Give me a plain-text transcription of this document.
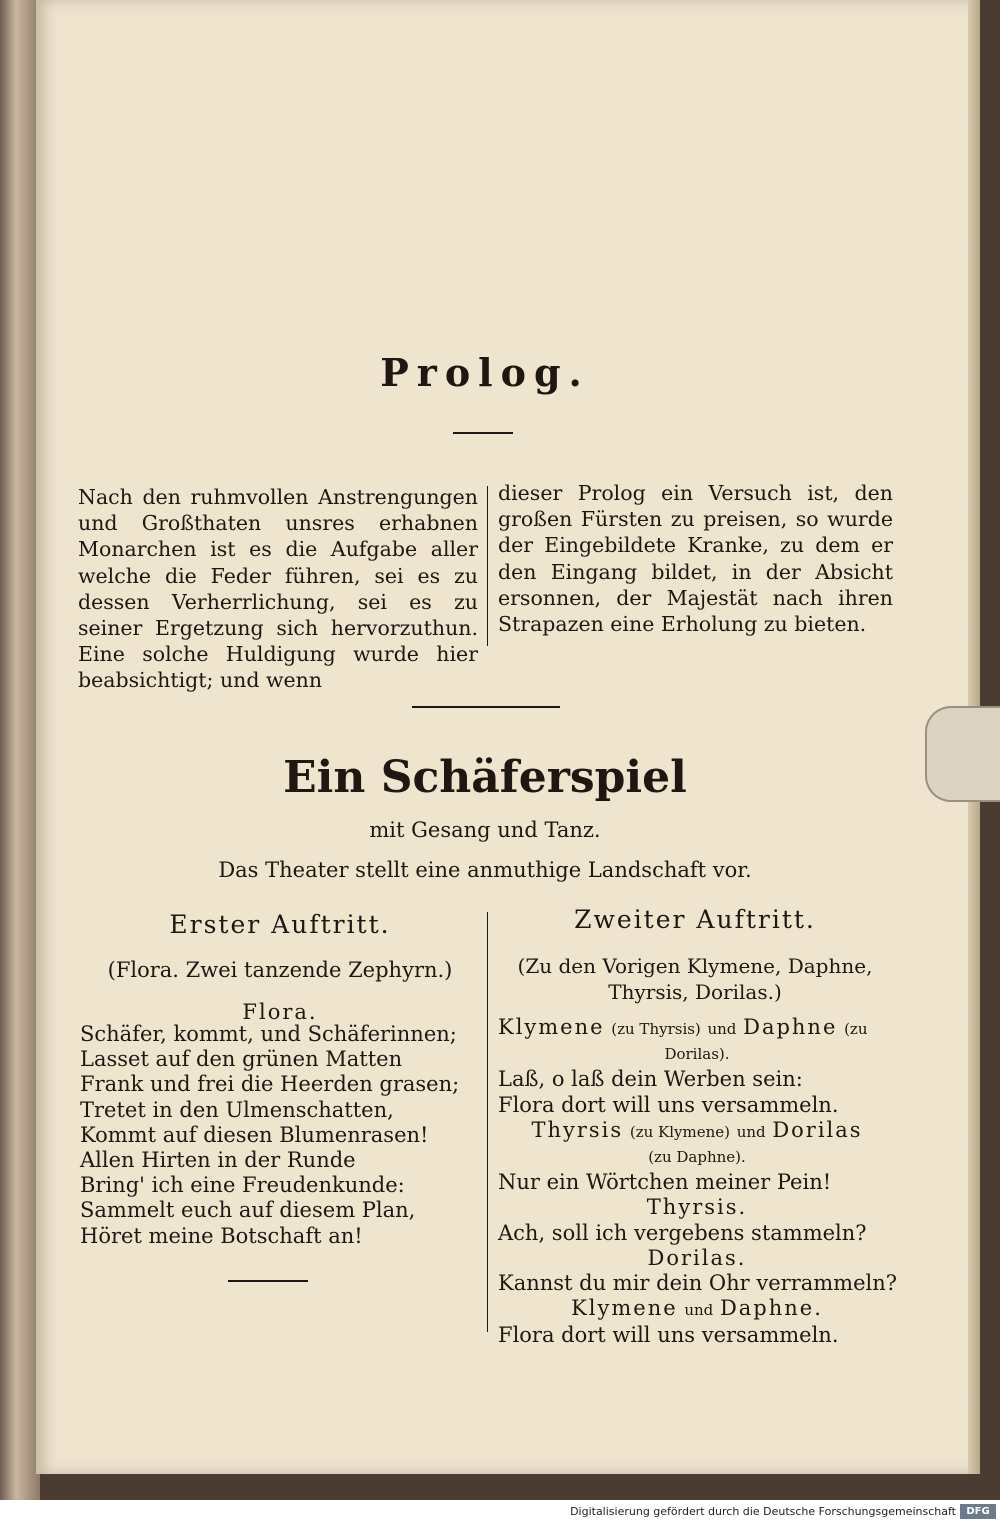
Prolog.
Nach den ruhmvollen Anstrengungen und Großthaten unsres erhabnen Monarchen ist es die Aufgabe aller welche die Feder führen, sei es zu dessen Verherrlichung, sei es zu seiner Ergetzung sich hervorzuthun. Eine solche Huldigung wurde hier beabsichtigt; und wenn
dieser Prolog ein Versuch ist, den großen Fürsten zu preisen, so wurde der Eingebildete Kranke, zu dem er den Eingang bildet, in der Absicht ersonnen, der Majestät nach ihren Strapazen eine Erholung zu bieten.
Ein Schäferspiel
mit Gesang und Tanz.
Das Theater stellt eine anmuthige Landschaft vor.
Erster Auftritt.
(Flora. Zwei tanzende Zephyrn.)
Flora.
Schäfer, kommt, und Schäferinnen;
Lasset auf den grünen Matten
Frank und frei die Heerden grasen;
Tretet in den Ulmenschatten,
Kommt auf diesen Blumenrasen!
Allen Hirten in der Runde
Bring' ich eine Freudenkunde:
Sammelt euch auf diesem Plan,
Höret meine Botschaft an!
Zweiter Auftritt.
(Zu den Vorigen Klymene, Daphne,
Thyrsis, Dorilas.)
Klymene (zu Thyrsis) und Daphne (zu
Dorilas).
Laß, o laß dein Werben sein:
Flora dort will uns versammeln.
Thyrsis (zu Klymene) und Dorilas
(zu Daphne).
Nur ein Wörtchen meiner Pein!
Thyrsis.
Ach, soll ich vergebens stammeln?
Dorilas.
Kannst du mir dein Ohr verrammeln?
Klymene und Daphne.
Flora dort will uns versammeln.
Digitalisierung gefördert durch die Deutsche Forschungsgemeinschaft	DFG
